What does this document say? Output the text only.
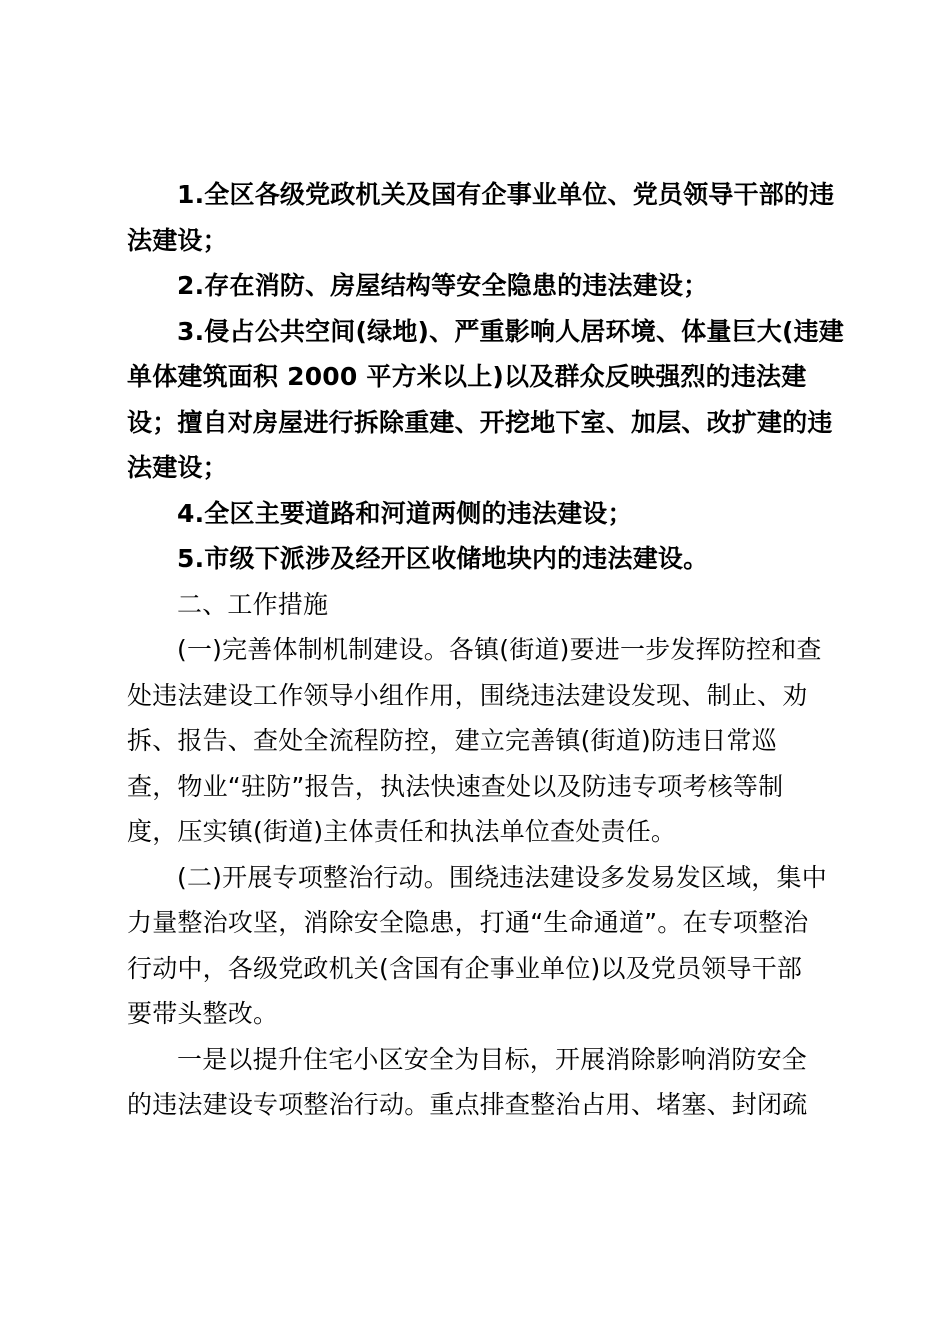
1.全区各级党政机关及国有企事业单位、党员领导干部的违
法建设；

2.存在消防、房屋结构等安全隐患的违法建设；

3.侵占公共空间(绿地)、严重影响人居环境、体量巨大(违建
单体建筑面积 2000 平方米以上)以及群众反映强烈的违法建
设；擅自对房屋进行拆除重建、开挖地下室、加层、改扩建的违
法建设；

4.全区主要道路和河道两侧的违法建设；

5.市级下派涉及经开区收储地块内的违法建设。

二、工作措施

(一)完善体制机制建设。各镇(街道)要进一步发挥防控和查
处违法建设工作领导小组作用，围绕违法建设发现、制止、劝
拆、报告、查处全流程防控，建立完善镇(街道)防违日常巡
查，物业“驻防”报告，执法快速查处以及防违专项考核等制
度，压实镇(街道)主体责任和执法单位查处责任。

(二)开展专项整治行动。围绕违法建设多发易发区域，集中
力量整治攻坚，消除安全隐患，打通“生命通道”。在专项整治
行动中，各级党政机关(含国有企事业单位)以及党员领导干部
要带头整改。

一是以提升住宅小区安全为目标，开展消除影响消防安全
的违法建设专项整治行动。重点排查整治占用、堵塞、封闭疏
